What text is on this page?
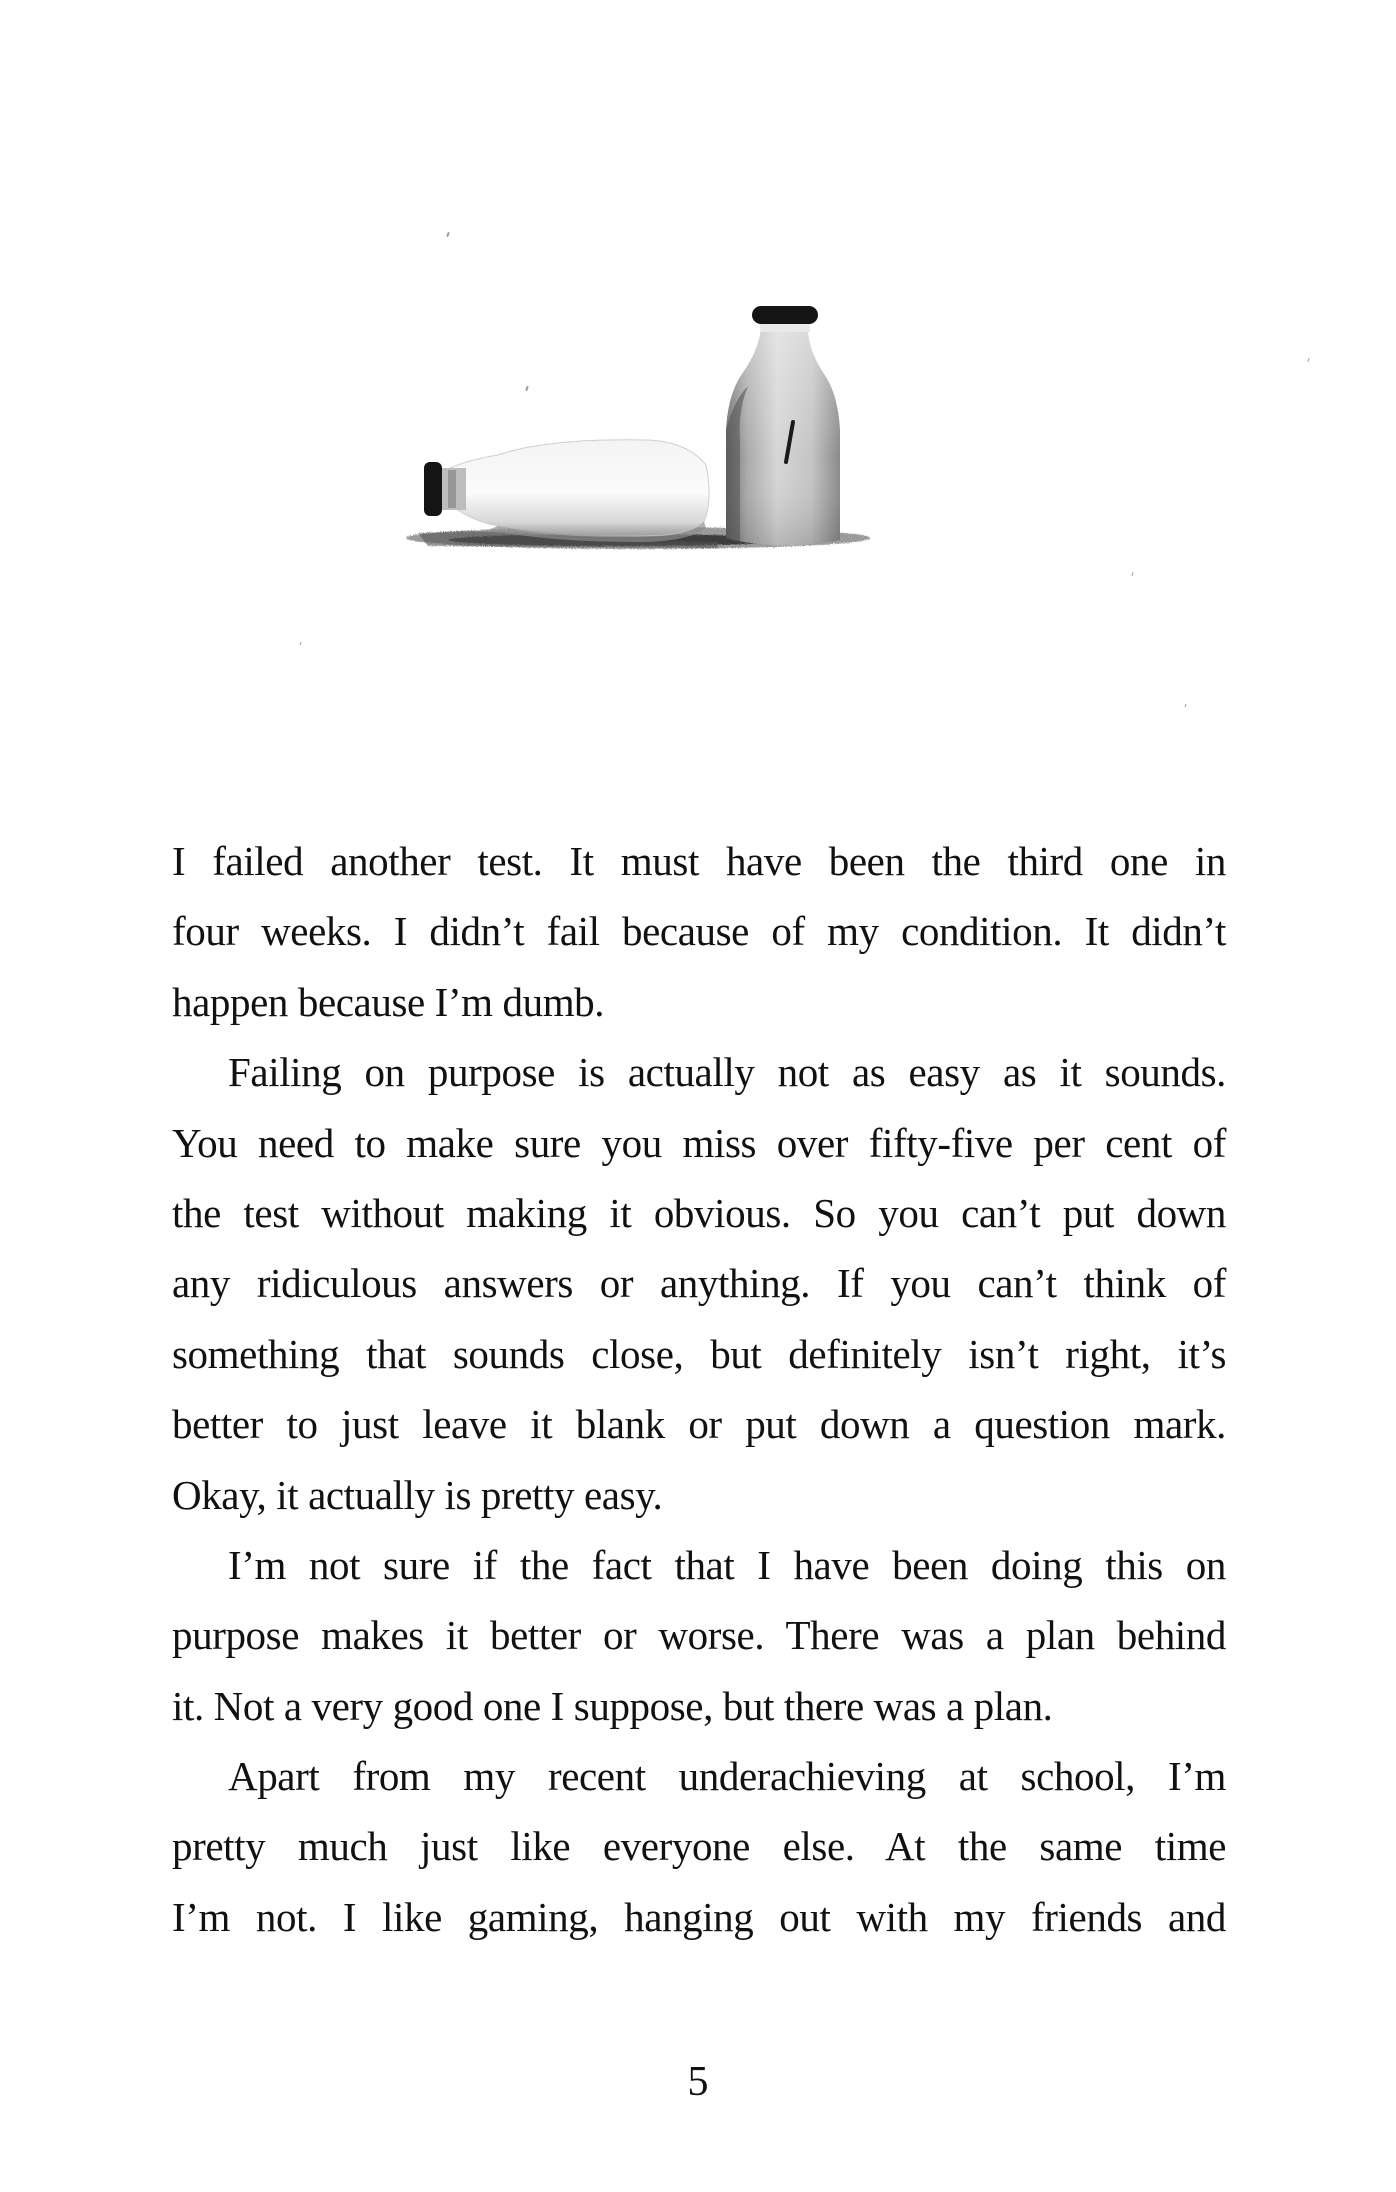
I failed another test. It must have been the third one in
four weeks. I didn’t fail because of my condition. It didn’t
happen because I’m dumb.

Failing on purpose is actually not as easy as it sounds.
You need to make sure you miss over fifty-five per cent of
the test without making it obvious. So you can’t put down
any ridiculous answers or anything. If you can’t think of
something that sounds close, but definitely isn’t right, it’s
better to just leave it blank or put down a question mark.
Okay, it actually is pretty easy.

I’m not sure if the fact that I have been doing this on
purpose makes it better or worse. There was a plan behind
it. Not a very good one I suppose, but there was a plan.

Apart from my recent underachieving at school, I’m
pretty much just like everyone else. At the same time
I’m not. I like gaming, hanging out with my friends and

5
